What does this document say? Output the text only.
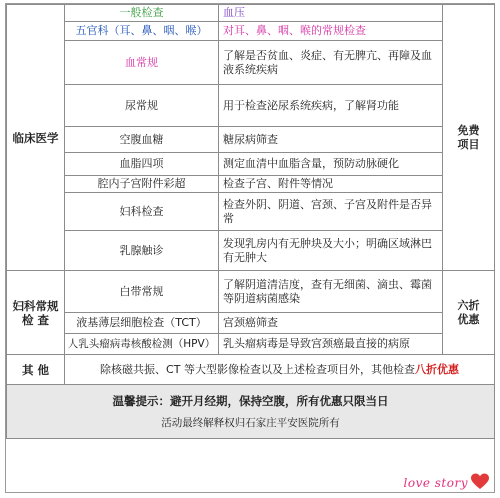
临床医学	一般检查	血压	免费
项目
	五官科（耳、鼻、咽、喉）	对耳、鼻、咽、喉的常规检查	
	血常规	了解是否贫血、炎症、有无脾亢、再障及血液系统疾病	
	尿常规	用于检查泌尿系统疾病，了解肾功能	
	空腹血糖	糖尿病筛查	
	血脂四项	测定血清中血脂含量，预防动脉硬化	
	腔内子宫附件彩超	检查子宫、附件等情况	
	妇科检查	检查外阴、阴道、宫颈、子宫及附件是否异常	
	乳腺触诊	发现乳房内有无肿块及大小；明确区域淋巴有无肿大	
妇科常规
检 查	白带常规	了解阴道清洁度，查有无细菌、滴虫、霉菌等阴道病菌感染	六折
优惠
	液基薄层细胞检查（TCT）	宫颈癌筛查	
	人乳头瘤病毒核酸检测（HPV）	乳头瘤病毒是导致宫颈癌最直接的病原	
其 他	除核磁共振、CT 等大型影像检查以及上述检查项目外，其他检查八折优惠		

温馨提示：避开月经期，保持空腹，所有优惠只限当日
活动最终解释权归石家庄平安医院所有			
love story
